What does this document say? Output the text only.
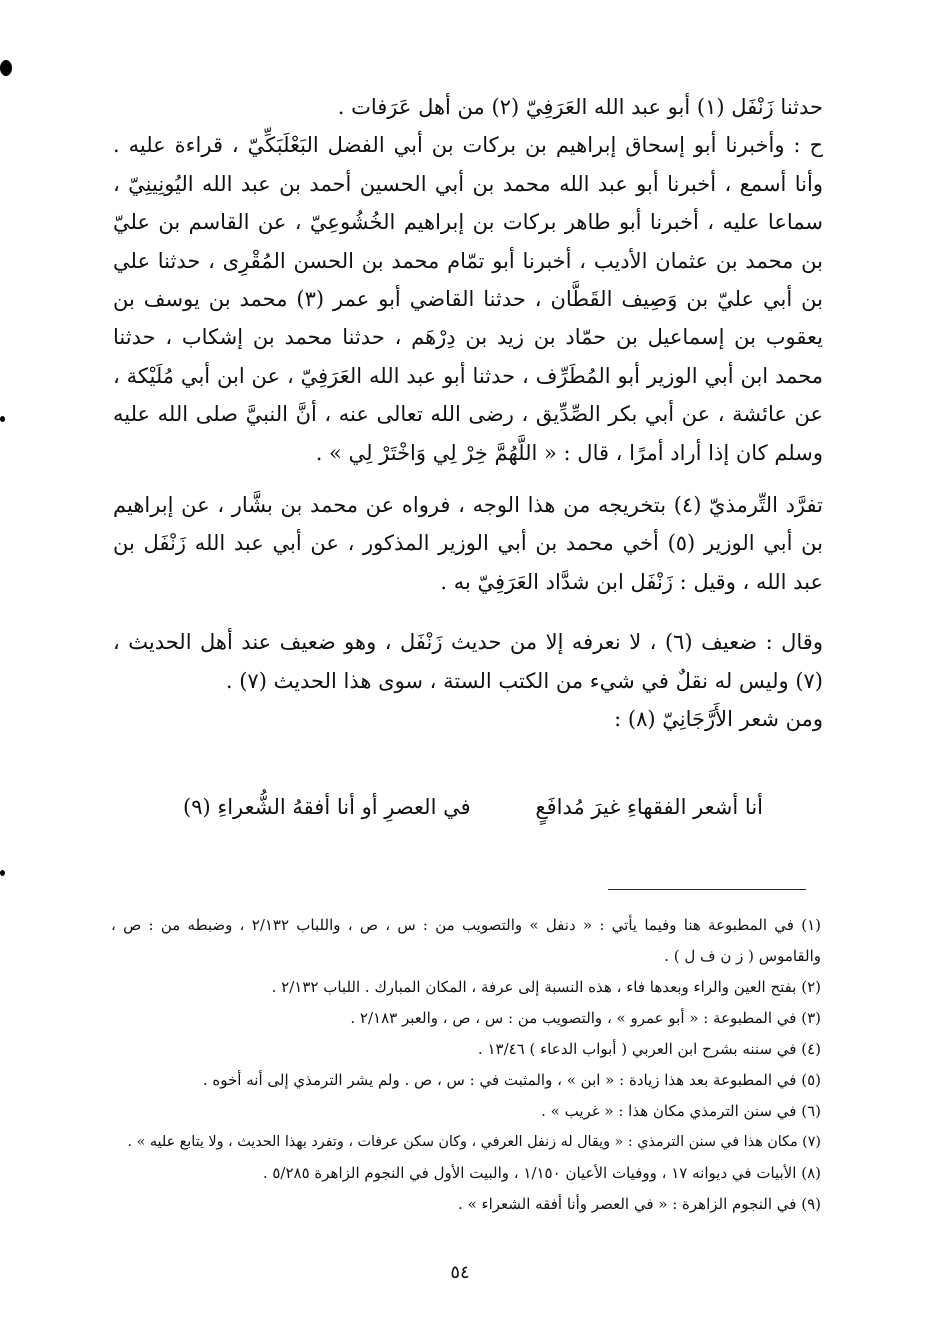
حدثنا زَنْفَل (١) أبو عبد الله العَرَفِيّ (٢) من أهل عَرَفات .

ح : وأخبرنا أبو إسحاق إبراهيم بن بركات بن أبي الفضل البَعْلَبَكِّيّ ، قراءة عليه . وأنا أسمع ، أخبرنا أبو عبد الله محمد بن أبي الحسين أحمد بن عبد الله اليُونِينِيّ ، سماعا عليه ، أخبرنا أبو طاهر بركات بن إبراهيم الخُشُوعِيّ ، عن القاسم بن عليّ بن محمد بن عثمان الأديب ، أخبرنا أبو تمّام محمد بن الحسن المُقْرِى ، حدثنا علي بن أبي عليّ بن وَصِيف القَطَّان ، حدثنا القاضي أبو عمر (٣) محمد بن يوسف بن يعقوب بن إسماعيل بن حمّاد بن زيد بن دِرْهَم ، حدثنا محمد بن إشكاب ، حدثنا محمد ابن أبي الوزير أبو المُطَرِّف ، حدثنا أبو عبد الله العَرَفِيّ ، عن ابن أبي مُلَيْكة ، عن عائشة ، عن أبي بكر الصِّدِّيق ، رضى الله تعالى عنه ، أنَّ النبيَّ صلى الله عليه وسلم كان إذا أراد أمرًا ، قال : « اللَّهُمَّ خِرْ لِي وَاخْتَرْ لِي » .

تفرَّد التِّرمذيّ (٤) بتخريجه من هذا الوجه ، فرواه عن محمد بن بشَّار ، عن إبراهيم بن أبي الوزير (٥) أخي محمد بن أبي الوزير المذكور ، عن أبي عبد الله زَنْفَل بن عبد الله ، وقيل : زَنْفَل ابن شدَّاد العَرَفِيّ به .

وقال : ضعيف (٦) ، لا نعرفه إلا من حديث زَنْفَل ، وهو ضعيف عند أهل الحديث ، (٧) وليس له نقلٌ في شيء من الكتب الستة ، سوى هذا الحديث (٧) .

ومن شعر الأَرَّجَانِيّ (٨) :

أنا أشعر الفقهاءِ غيرَ مُدافَعٍ
في العصرِ أو أنا أفقهُ الشُّعراءِ (٩)

(١) في المطبوعة هنا وفيما يأتي : « دنفل » والتصويب من : س ، ص ، واللباب ٢/١٣٢ ، وضبطه من : ص ، والقاموس ( ز ن ف ل ) .

(٢) بفتح العين والراء وبعدها فاء ، هذه النسبة إلى عرفة ، المكان المبارك . اللباب ٢/١٣٢ .

(٣) في المطبوعة : « أبو عمرو » ، والتصويب من : س ، ص ، والعبر ٢/١٨٣ .

(٤) في سننه بشرح ابن العربي ( أبواب الدعاء ) ١٣/٤٦ .

(٥) في المطبوعة بعد هذا زيادة : « ابن » ، والمثبت في : س ، ص . ولم يشر الترمذي إلى أنه أخوه .

(٦) في سنن الترمذي مكان هذا : « غريب » .

(٧) مكان هذا في سنن الترمذي : « ويقال له زنفل العرفي ، وكان سكن عرفات ، وتفرد بهذا الحديث ، ولا يتابع عليه » .

(٨) الأبيات في ديوانه ١٧ ، ووفيات الأعيان ١/١٥٠ ، والبيت الأول في النجوم الزاهرة ٥/٢٨٥ .

(٩) في النجوم الزاهرة : « في العصر وأنا أفقه الشعراء » .

٥٤
